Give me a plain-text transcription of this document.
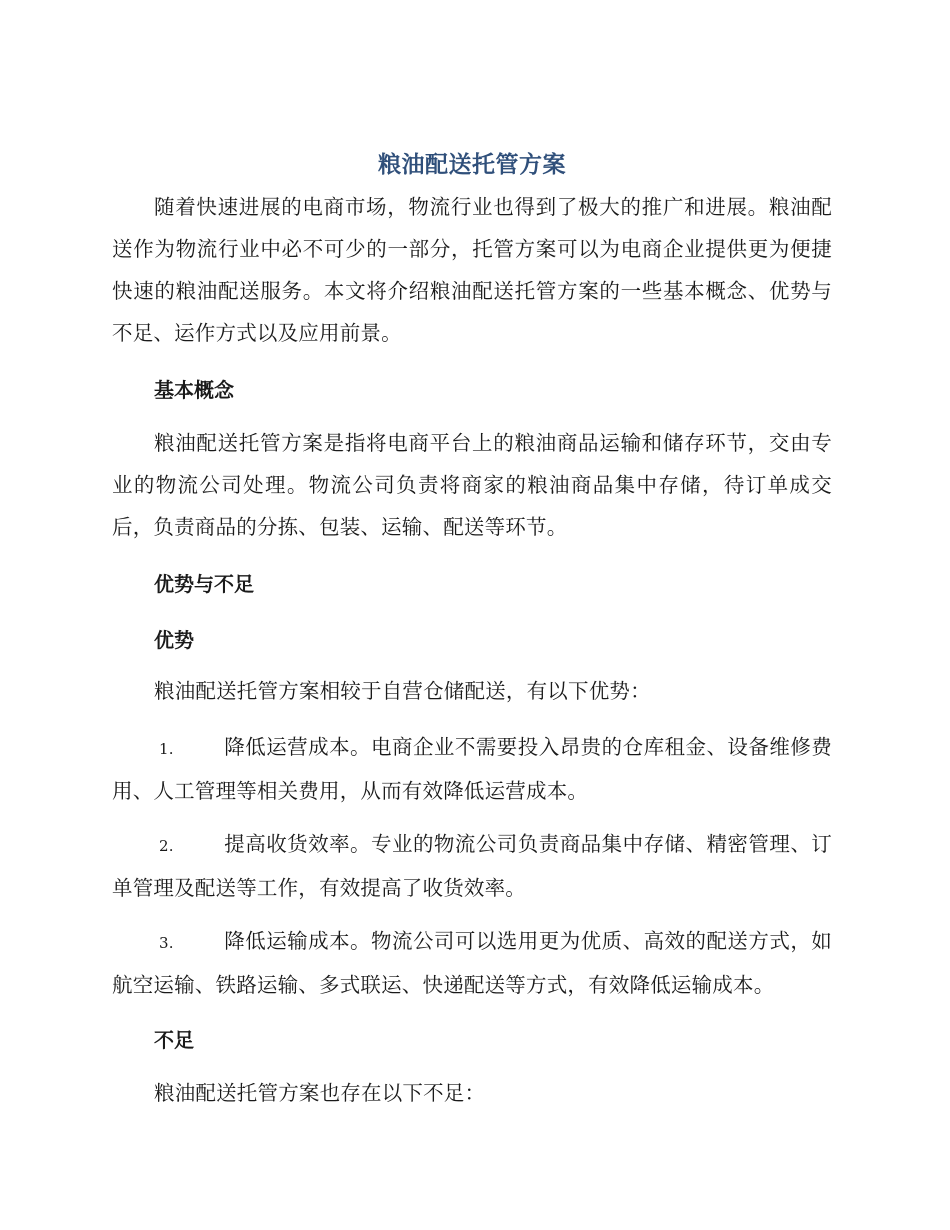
粮油配送托管方案
随着快速进展的电商市场，物流行业也得到了极大的推广和进展。粮油配送作为物流行业中必不可少的一部分，托管方案可以为电商企业提供更为便捷快速的粮油配送服务。本文将介绍粮油配送托管方案的一些基本概念、优势与不足、运作方式以及应用前景。
基本概念
粮油配送托管方案是指将电商平台上的粮油商品运输和储存环节，交由专业的物流公司处理。物流公司负责将商家的粮油商品集中存储，待订单成交后，负责商品的分拣、包装、运输、配送等环节。
优势与不足
优势
粮油配送托管方案相较于自营仓储配送，有以下优势：
1. 降低运营成本。电商企业不需要投入昂贵的仓库租金、设备维修费用、人工管理等相关费用，从而有效降低运营成本。
2. 提高收货效率。专业的物流公司负责商品集中存储、精密管理、订单管理及配送等工作，有效提高了收货效率。
3. 降低运输成本。物流公司可以选用更为优质、高效的配送方式，如航空运输、铁路运输、多式联运、快递配送等方式，有效降低运输成本。
不足
粮油配送托管方案也存在以下不足：
